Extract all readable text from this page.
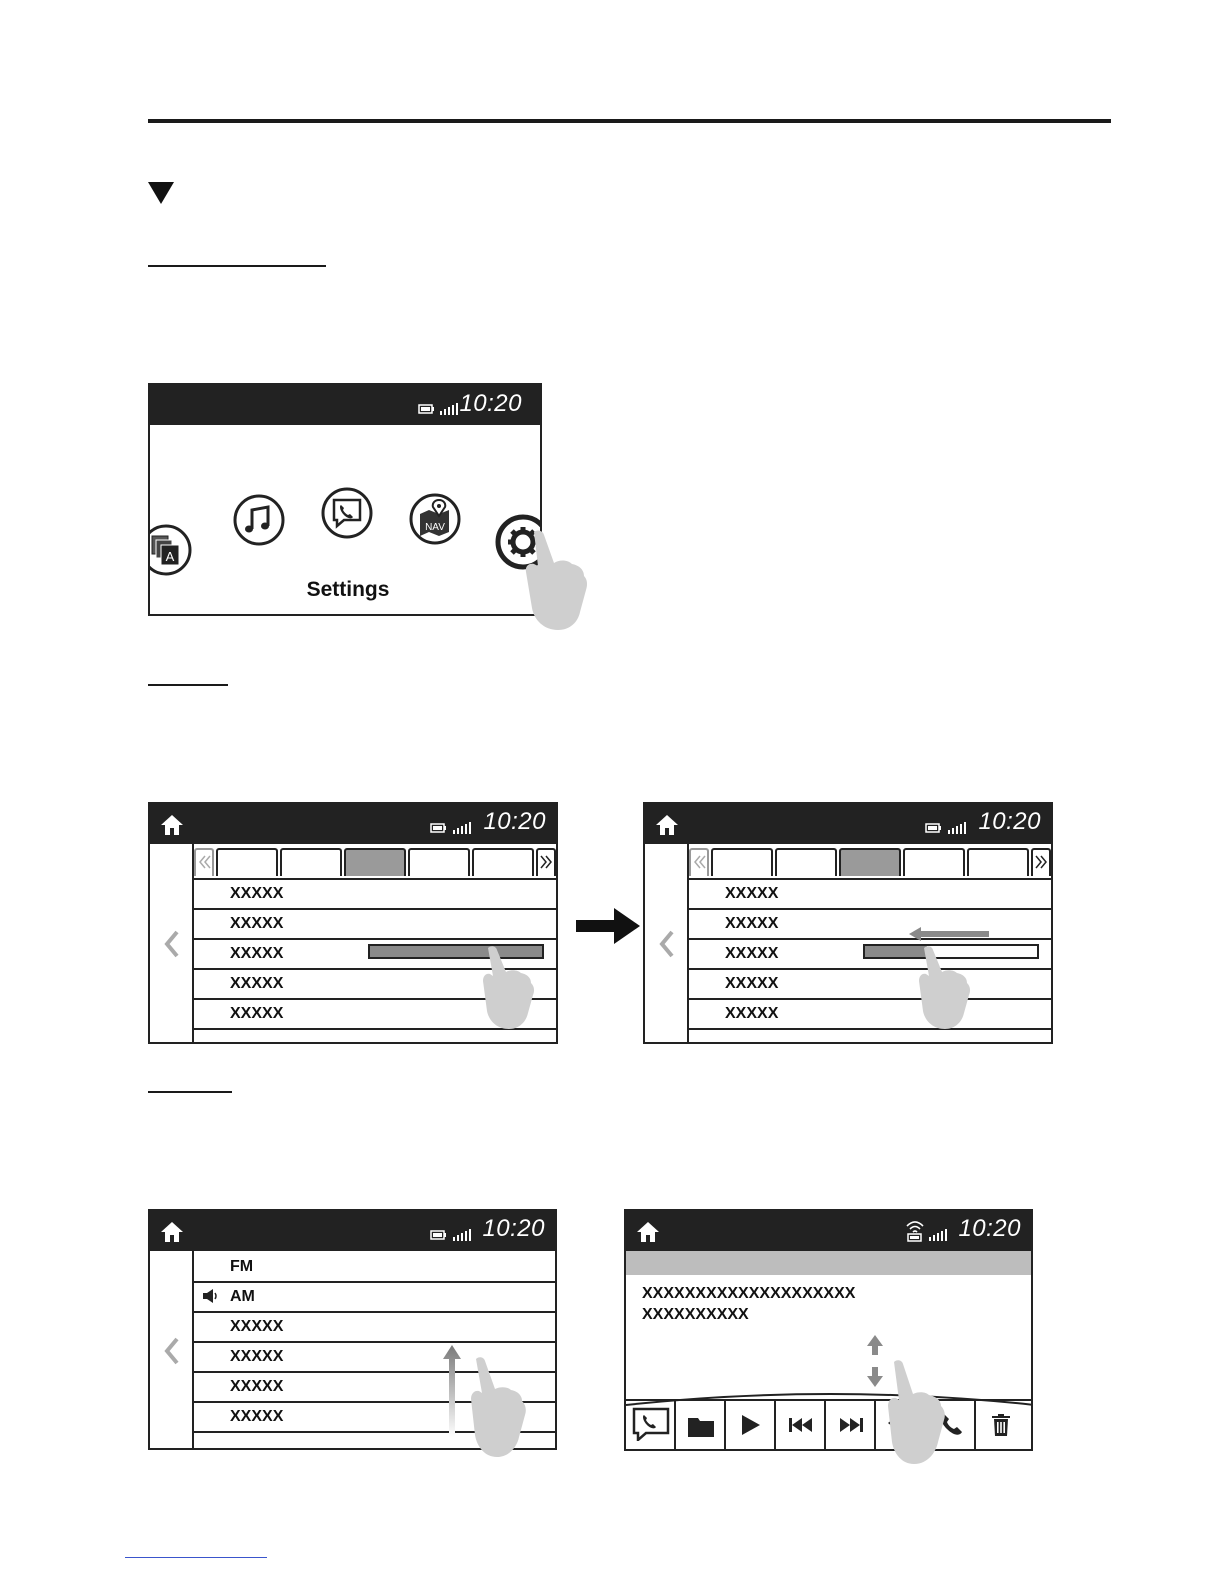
10:20
A
NAV
Settings
10:20
XXXXX
XXXXX
XXXXX
XXXXX
XXXXX
10:20
XXXXX
XXXXX
XXXXX
XXXXX
XXXXX
10:20
FM
AM
XXXXX
XXXXX
XXXXX
XXXXX
10:20
XXXXXXXXXXXXXXXXXXXX
XXXXXXXXXX
